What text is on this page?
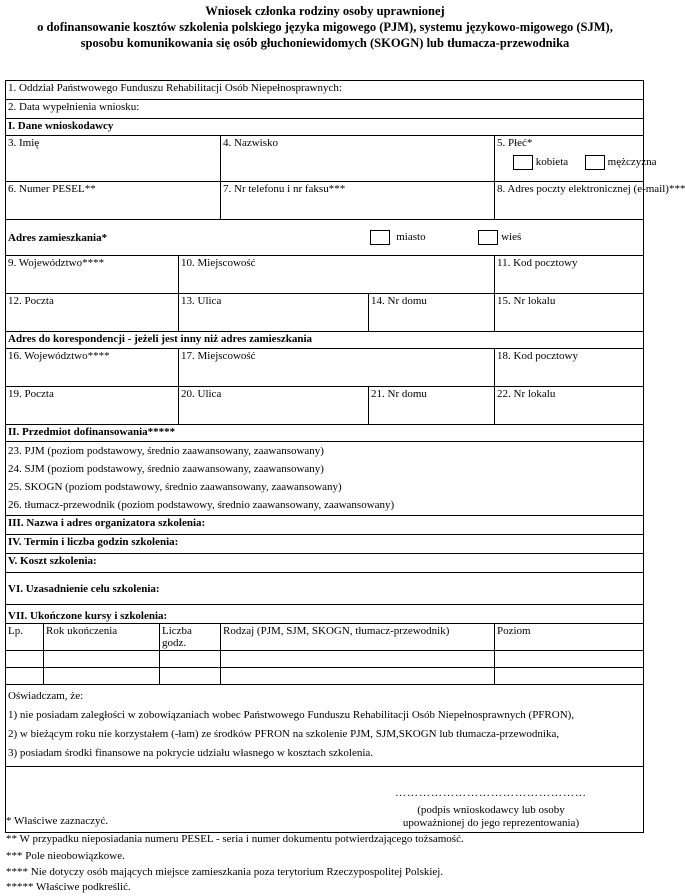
Wniosek członka rodziny osoby uprawnionej
o dofinansowanie kosztów szkolenia polskiego języka migowego (PJM), systemu językowo-migowego (SJM),
sposobu komunikowania się osób głuchoniewidomych (SKOGN) lub tłumacza-przewodnika
1. Oddział Państwowego Funduszu Rehabilitacji Osób Niepełnosprawnych:						
2. Data wypełnienia wniosku:						
I. Dane wnioskodawcy						
3. Imię				4. Nazwisko		5. Płeć*
kobieta mężczyzna

6. Numer PESEL**				7. Nr telefonu i nr faksu***		8. Adres poczty elektronicznej (e-mail)***
Adres zamieszkania* miasto wieś						

9. Województwo****			10. Miejscowość			11. Kod pocztowy
12. Poczta			13. Ulica		14. Nr domu	15. Nr lokalu
Adres do korespondencji - jeżeli jest inny niż adres zamieszkania						
16. Województwo****			17. Miejscowość			18. Kod pocztowy
19. Poczta			20. Ulica		21. Nr domu	22. Nr lokalu
II. Przedmiot dofinansowania*****						

23. PJM (poziom podstawowy, średnio zaawansowany, zaawansowany)
24. SJM (poziom podstawowy, średnio zaawansowany, zaawansowany)
25. SKOGN (poziom podstawowy, średnio zaawansowany, zaawansowany)
26. tłumacz-przewodnik (poziom podstawowy, średnio zaawansowany, zaawansowany)						

III. Nazwa i adres organizatora szkolenia:						
IV. Termin i liczba godzin szkolenia:						
V. Koszt szkolenia:						
VI. Uzasadnienie celu szkolenia:						
VII. Ukończone kursy i szkolenia:						
Lp.	Rok ukończenia	Liczba godz.		Rodzaj (PJM, SJM, SKOGN, tłumacz-przewodnik)		Poziom

Oświadczam, że:
1) nie posiadam zaległości w zobowiązaniach wobec Państwowego Funduszu Rehabilitacji Osób Niepełnosprawnych (PFRON),
2) w bieżącym roku nie korzystałem (-łam) ze środków PFRON na szkolenie PJM, SJM,SKOGN lub tłumacza-przewodnika,
3) posiadam środki finansowe na pokrycie udziału własnego w kosztach szkolenia.						

…………………………………………
(podpis wnioskodawcy lub osoby
upoważnionej do jego reprezentowania)						
* Właściwe zaznaczyć.
** W przypadku nieposiadania numeru PESEL - seria i numer dokumentu potwierdzającego tożsamość.
*** Pole nieobowiązkowe.
**** Nie dotyczy osób mających miejsce zamieszkania poza terytorium Rzeczypospolitej Polskiej.
***** Właściwe podkreślić.
